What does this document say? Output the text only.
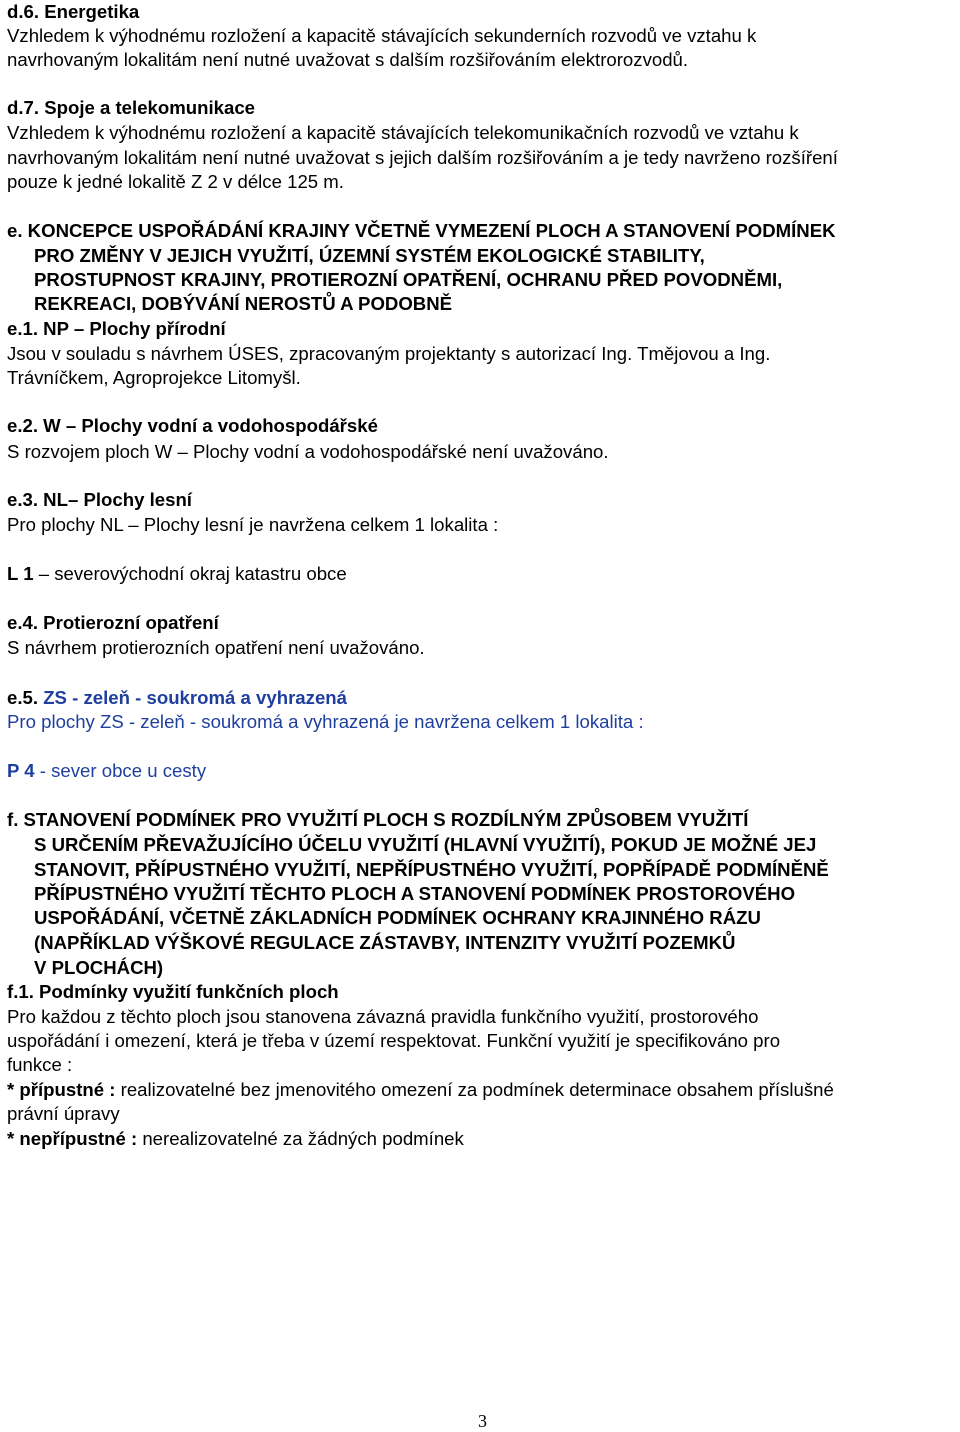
d.6. Energetika
Vzhledem k výhodnému rozložení a kapacitě stávajících sekunderních rozvodů ve vztahu k
navrhovaným lokalitám není nutné uvažovat s dalším rozšiřováním elektrorozvodů.
d.7. Spoje a telekomunikace
Vzhledem k výhodnému rozložení a kapacitě stávajících telekomunikačních rozvodů ve vztahu k
navrhovaným lokalitám není nutné uvažovat s jejich dalším rozšiřováním a je tedy navrženo rozšíření
pouze k jedné lokalitě Z 2 v délce 125 m.
e. KONCEPCE USPOŘÁDÁNÍ KRAJINY VČETNĚ VYMEZENÍ PLOCH A STANOVENÍ PODMÍNEK
PRO ZMĚNY V JEJICH VYUŽITÍ, ÚZEMNÍ SYSTÉM EKOLOGICKÉ STABILITY,
PROSTUPNOST KRAJINY, PROTIEROZNÍ OPATŘENÍ, OCHRANU PŘED POVODNĚMI,
REKREACI, DOBÝVÁNÍ NEROSTŮ A PODOBNĚ
e.1. NP – Plochy přírodní
Jsou v souladu s návrhem ÚSES, zpracovaným projektanty s autorizací Ing. Tmějovou a Ing.
Trávníčkem, Agroprojekce Litomyšl.
e.2. W – Plochy vodní a vodohospodářské
S rozvojem ploch W – Plochy vodní a vodohospodářské není uvažováno.
e.3. NL– Plochy lesní
Pro plochy NL – Plochy lesní je navržena celkem 1 lokalita :
L 1 – severovýchodní okraj katastru obce
e.4. Protierozní opatření
S návrhem protierozních opatření není uvažováno.
e.5. ZS - zeleň - soukromá a vyhrazená
Pro plochy ZS - zeleň - soukromá a vyhrazená je navržena celkem 1 lokalita :
P 4 - sever obce u cesty
f. STANOVENÍ PODMÍNEK PRO VYUŽITÍ PLOCH S ROZDÍLNÝM ZPŮSOBEM VYUŽITÍ
S URČENÍM PŘEVAŽUJÍCÍHO ÚČELU VYUŽITÍ (HLAVNÍ VYUŽITÍ), POKUD JE MOŽNÉ JEJ
STANOVIT, PŘÍPUSTNÉHO VYUŽITÍ, NEPŘÍPUSTNÉHO VYUŽITÍ, POPŘÍPADĚ PODMÍNĚNĚ
PŘÍPUSTNÉHO VYUŽITÍ TĚCHTO PLOCH A STANOVENÍ PODMÍNEK PROSTOROVÉHO
USPOŘÁDÁNÍ, VČETNĚ ZÁKLADNÍCH PODMÍNEK OCHRANY KRAJINNÉHO RÁZU
(NAPŘÍKLAD VÝŠKOVÉ REGULACE ZÁSTAVBY, INTENZITY VYUŽITÍ POZEMKŮ
V PLOCHÁCH)
f.1. Podmínky využití funkčních ploch
Pro každou z těchto ploch jsou stanovena závazná pravidla funkčního využití, prostorového
uspořádání i omezení, která je třeba v území respektovat. Funkční využití je specifikováno pro
funkce :
* přípustné : realizovatelné bez jmenovitého omezení za podmínek determinace obsahem příslušné
právní úpravy
* nepřípustné : nerealizovatelné za žádných podmínek
3
